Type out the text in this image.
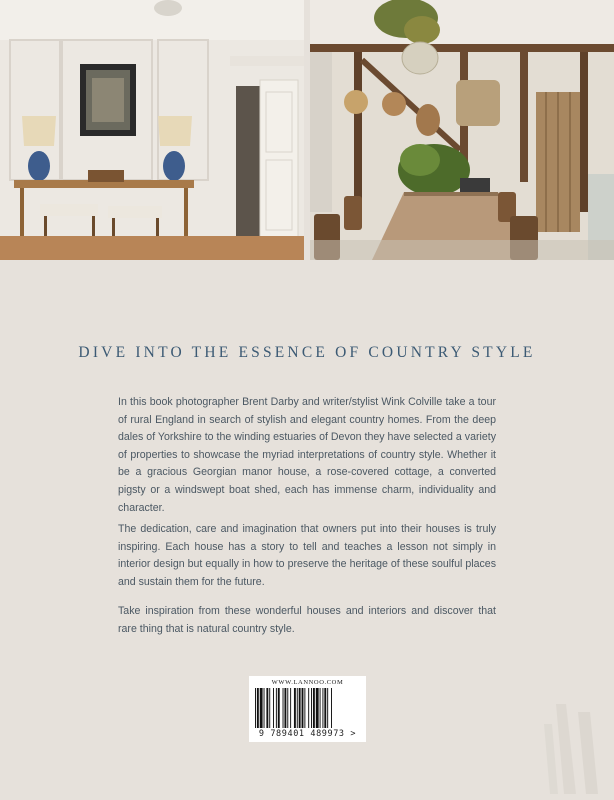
DIVE INTO THE ESSENCE OF COUNTRY STYLE

In this book photographer Brent Darby and writer/stylist Wink Colville take a tour of rural England in search of stylish and elegant country homes. From the deep dales of Yorkshire to the winding estuaries of Devon they have selected a variety of properties to showcase the myriad interpretations of country style. Whether it be a gracious Georgian manor house, a rose-covered cottage, a converted pigsty or a windswept boat shed, each has immense charm, individuality and character.

The dedication, care and imagination that owners put into their houses is truly inspiring. Each house has a story to tell and teaches a lesson not simply in interior design but equally in how to preserve the heritage of these soulful places and sustain them for the future.

Take inspiration from these wonderful houses and interiors and discover that rare thing that is natural country style.

WWW.LANNOO.COM
9 789401 489973 >
